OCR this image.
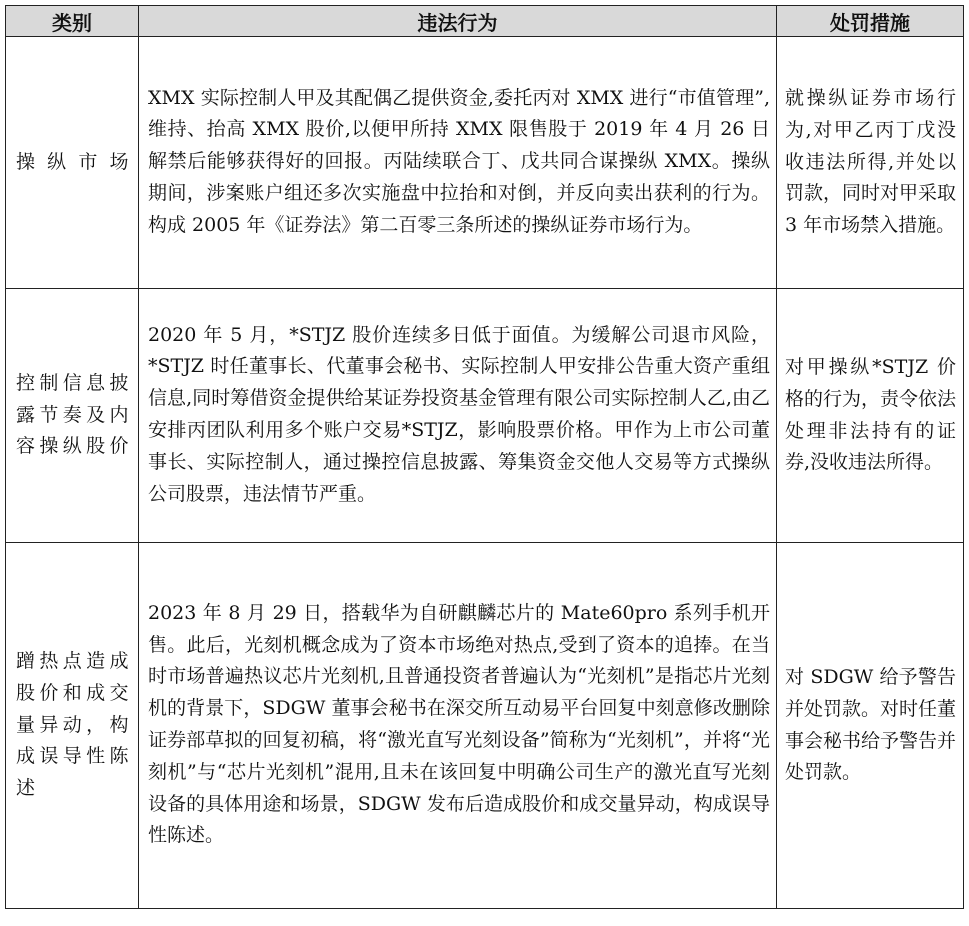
类别	违法行为	处罚措施

操纵市场	XMX 实际控制人甲及其配偶乙提供资金,委托丙对 XMX 进行“市值管理”,维持、抬高 XMX 股价,以便甲所持 XMX 限售股于 2019 年 4 月 26 日解禁后能够获得好的回报。丙陆续联合丁、戊共同合谋操纵 XMX。操纵期间，涉案账户组还多次实施盘中拉抬和对倒，并反向卖出获利的行为。构成 2005 年《证券法》第二百零三条所述的操纵证券市场行为。	就操纵证券市场行为,对甲乙丙丁戊没收违法所得,并处以罚款，同时对甲采取 3 年市场禁入措施。

控制信息披露节奏及内容操纵股价	2020 年 5 月，*STJZ 股价连续多日低于面值。为缓解公司退市风险，*STJZ 时任董事长、代董事会秘书、实际控制人甲安排公告重大资产重组信息,同时筹借资金提供给某证券投资基金管理有限公司实际控制人乙,由乙安排丙团队利用多个账户交易*STJZ，影响股票价格。甲作为上市公司董事长、实际控制人，通过操控信息披露、筹集资金交他人交易等方式操纵公司股票，违法情节严重。	对甲操纵*STJZ 价格的行为，责令依法处理非法持有的证券,没收违法所得。

蹭热点造成股价和成交量异动，构成误导性陈述	2023 年 8 月 29 日，搭载华为自研麒麟芯片的 Mate60pro 系列手机开售。此后，光刻机概念成为了资本市场绝对热点,受到了资本的追捧。在当时市场普遍热议芯片光刻机,且普通投资者普遍认为“光刻机”是指芯片光刻机的背景下，SDGW 董事会秘书在深交所互动易平台回复中刻意修改删除证券部草拟的回复初稿，将“激光直写光刻设备”简称为“光刻机”，并将“光刻机”与“芯片光刻机”混用,且未在该回复中明确公司生产的激光直写光刻设备的具体用途和场景，SDGW 发布后造成股价和成交量异动，构成误导性陈述。	对 SDGW 给予警告并处罚款。对时任董事会秘书给予警告并处罚款。
